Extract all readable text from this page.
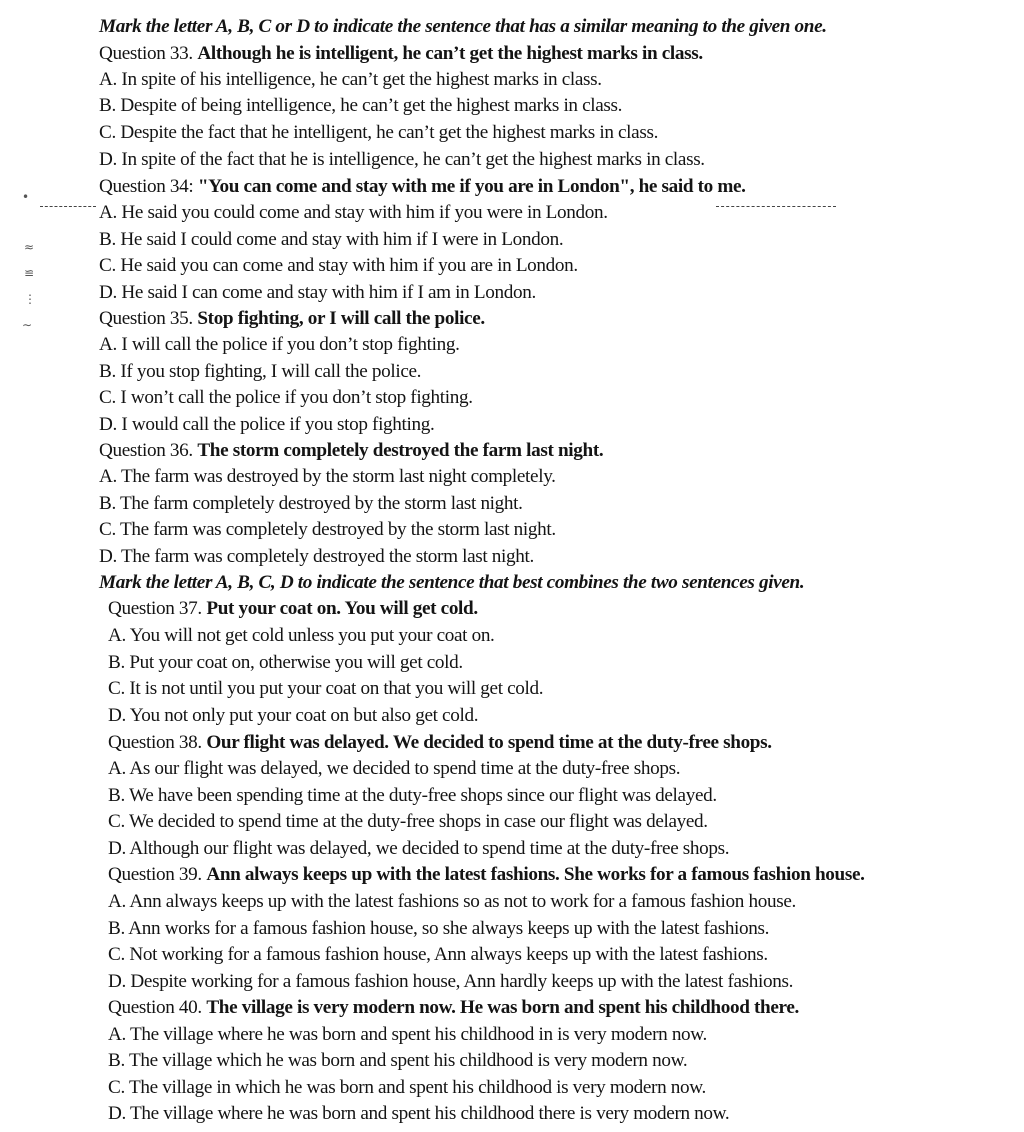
•
≈
≌
⋮
∼
Mark the letter A, B, C or D to indicate the sentence that has a similar meaning to the given one.
Question 33. Although he is intelligent, he can’t get the highest marks in class.
A. In spite of his intelligence, he can’t get the highest marks in class.
B. Despite of being intelligence, he can’t get the highest marks in class.
C. Despite the fact that he intelligent, he can’t get the highest marks in class.
D. In spite of the fact that he is intelligence, he can’t get the highest marks in class.
Question 34: "You can come and stay with me if you are in London", he said to me.
A. He said you could come and stay with him if you were in London.
B. He said I could come and stay with him if I were in London.
C. He said you can come and stay with him if you are in London.
D. He said I can come and stay with him if I am in London.
Question 35. Stop fighting, or I will call the police.
A. I will call the police if you don’t stop fighting.
B. If you stop fighting, I will call the police.
C. I won’t call the police if you don’t stop fighting.
D. I would call the police if you stop fighting.
Question 36. The storm completely destroyed the farm last night.
A. The farm was destroyed by the storm last night completely.
B. The farm completely destroyed by the storm last night.
C. The farm was completely destroyed by the storm last night.
D. The farm was completely destroyed the storm last night.
Mark the letter A, B, C, D to indicate the sentence that best combines the two sentences given.
Question 37. Put your coat on. You will get cold.
A. You will not get cold unless you put your coat on.
B. Put your coat on, otherwise you will get cold.
C. It is not until you put your coat on that you will get cold.
D. You not only put your coat on but also get cold.
Question 38. Our flight was delayed. We decided to spend time at the duty-free shops.
A. As our flight was delayed, we decided to spend time at the duty-free shops.
B. We have been spending time at the duty-free shops since our flight was delayed.
C. We decided to spend time at the duty-free shops in case our flight was delayed.
D. Although our flight was delayed, we decided to spend time at the duty-free shops.
Question 39. Ann always keeps up with the latest fashions. She works for a famous fashion house.
A. Ann always keeps up with the latest fashions so as not to work for a famous fashion house.
B. Ann works for a famous fashion house, so she always keeps up with the latest fashions.
C. Not working for a famous fashion house, Ann always keeps up with the latest fashions.
D. Despite working for a famous fashion house, Ann hardly keeps up with the latest fashions.
Question 40. The village is very modern now. He was born and spent his childhood there.
A. The village where he was born and spent his childhood in is very modern now.
B. The village which he was born and spent his childhood is very modern now.
C. The village in which he was born and spent his childhood is very modern now.
D. The village where he was born and spent his childhood there is very modern now.
